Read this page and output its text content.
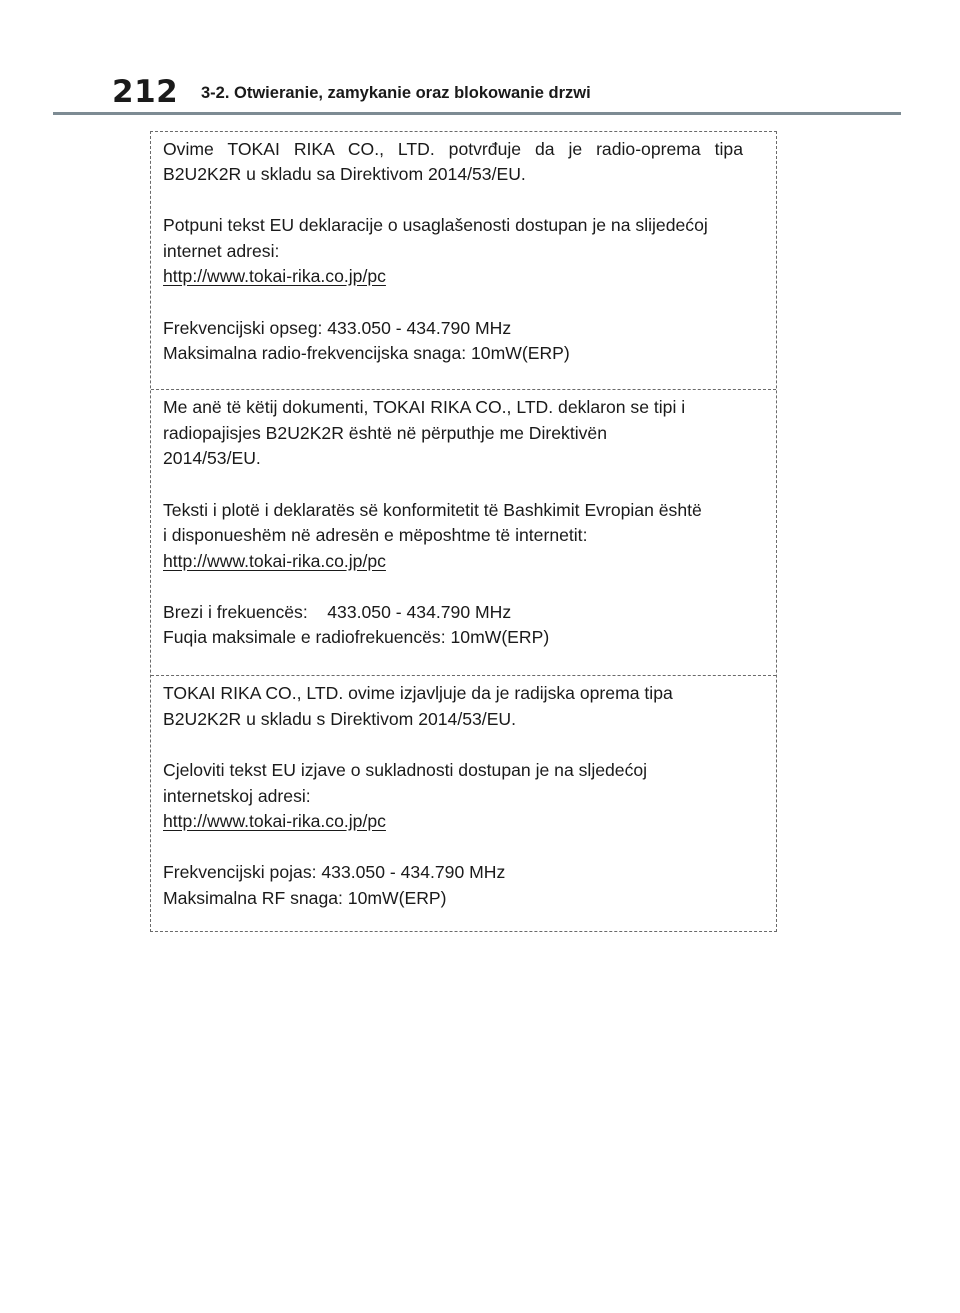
212 3-2. Otwieranie, zamykanie oraz blokowanie drzwi
Ovime TOKAI RIKA CO., LTD. potvrđuje da je radio-oprema tipa
B2U2K2R u skladu sa Direktivom 2014/53/EU.
Potpuni tekst EU deklaracije o usaglašenosti dostupan je na slijedećoj
internet adresi:
http://www.tokai-rika.co.jp/pc
Frekvencijski opseg: 433.050 - 434.790 MHz
Maksimalna radio-frekvencijska snaga: 10mW(ERP)
Me anë të këtij dokumenti, TOKAI RIKA CO., LTD. deklaron se tipi i
radiopajisjes B2U2K2R është në përputhje me Direktivën
2014/53/EU.
Teksti i plotë i deklaratës së konformitetit të Bashkimit Evropian është
i disponueshëm në adresën e mëposhtme të internetit:
http://www.tokai-rika.co.jp/pc
Brezi i frekuencës:    433.050 - 434.790 MHz
Fuqia maksimale e radiofrekuencës: 10mW(ERP)
TOKAI RIKA CO., LTD. ovime izjavljuje da je radijska oprema tipa
B2U2K2R u skladu s Direktivom 2014/53/EU.
Cjeloviti tekst EU izjave o sukladnosti dostupan je na sljedećoj
internetskoj adresi:
http://www.tokai-rika.co.jp/pc
Frekvencijski pojas: 433.050 - 434.790 MHz
Maksimalna RF snaga: 10mW(ERP)
